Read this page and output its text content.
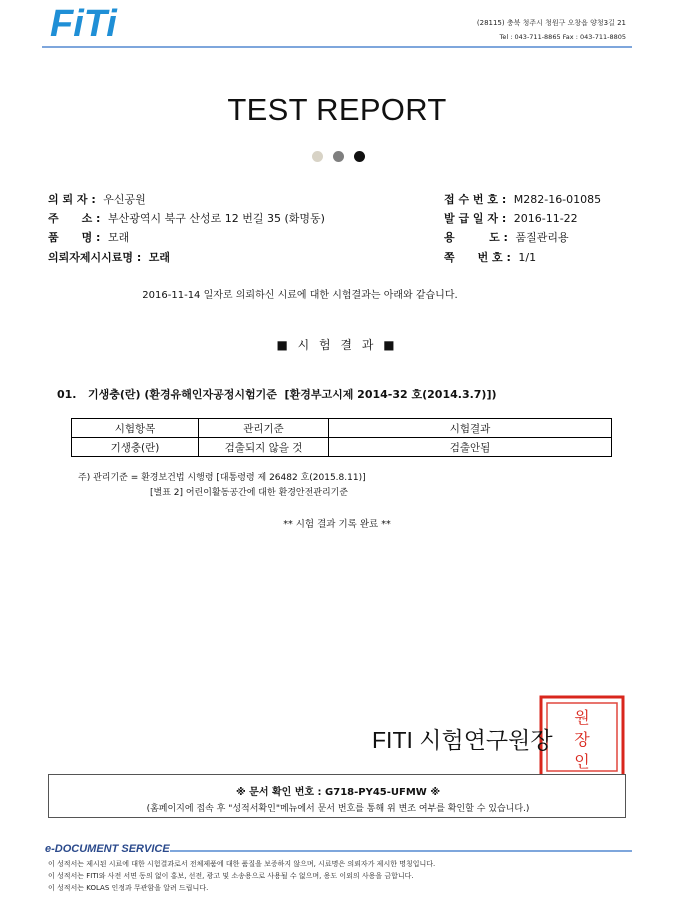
FiTi	(28115) 충북 청주시 청원구 오창읍 양청3길 21
Tel : 043-711-8865 Fax : 043-711-8805
TEST REPORT
의 뢰 자 : 우신공원
주      소 : 부산광역시 북구 산성로 12 번길 35 (화명동)
품      명 : 모래
의뢰자제시시료명 : 모래
접 수 번 호 : M282-16-01085
발 급 일 자 : 2016-11-22
용         도 : 품질관리용
쪽      번 호 : 1/1
2016-11-14 일자로 의뢰하신 시료에 대한 시험결과는 아래와 같습니다.
■ 시 험 결 과 ■
01.   기생충(란) (환경유해인자공정시험기준  [환경부고시제 2014-32 호(2014.3.7)])
시험항목	관리기준	시험결과
기생충(란)	검출되지 않을 것	검출안됨
주) 관리기준 = 환경보건법 시행령 [대통령령 제 26482 호(2015.8.11)]
[별표 2] 어린이활동공간에 대한 환경안전관리기준
** 시험 결과 기록 완료 **
원
장
인
FITI 시험연구원장
※ 문서 확인 번호 : G718-PY45-UFMW ※
(홈페이지에 접속 후 "성적서확인"메뉴에서 문서 번호를 통해 위 변조 여부를 확인할 수 있습니다.)
e-DOCUMENT SERVICE
이 성적서는 제시된 시료에 대한 시험결과로서 전체제품에 대한 품질을 보증하지 않으며, 시료명은 의뢰자가 제시한 명칭입니다.
이 성적서는 FITI와 사전 서면 동의 없이 홍보, 선전, 광고 및 소송용으로 사용될 수 없으며, 용도 이외의 사용을 금합니다.
이 성적서는 KOLAS 인정과 무관함을 알려 드립니다.
